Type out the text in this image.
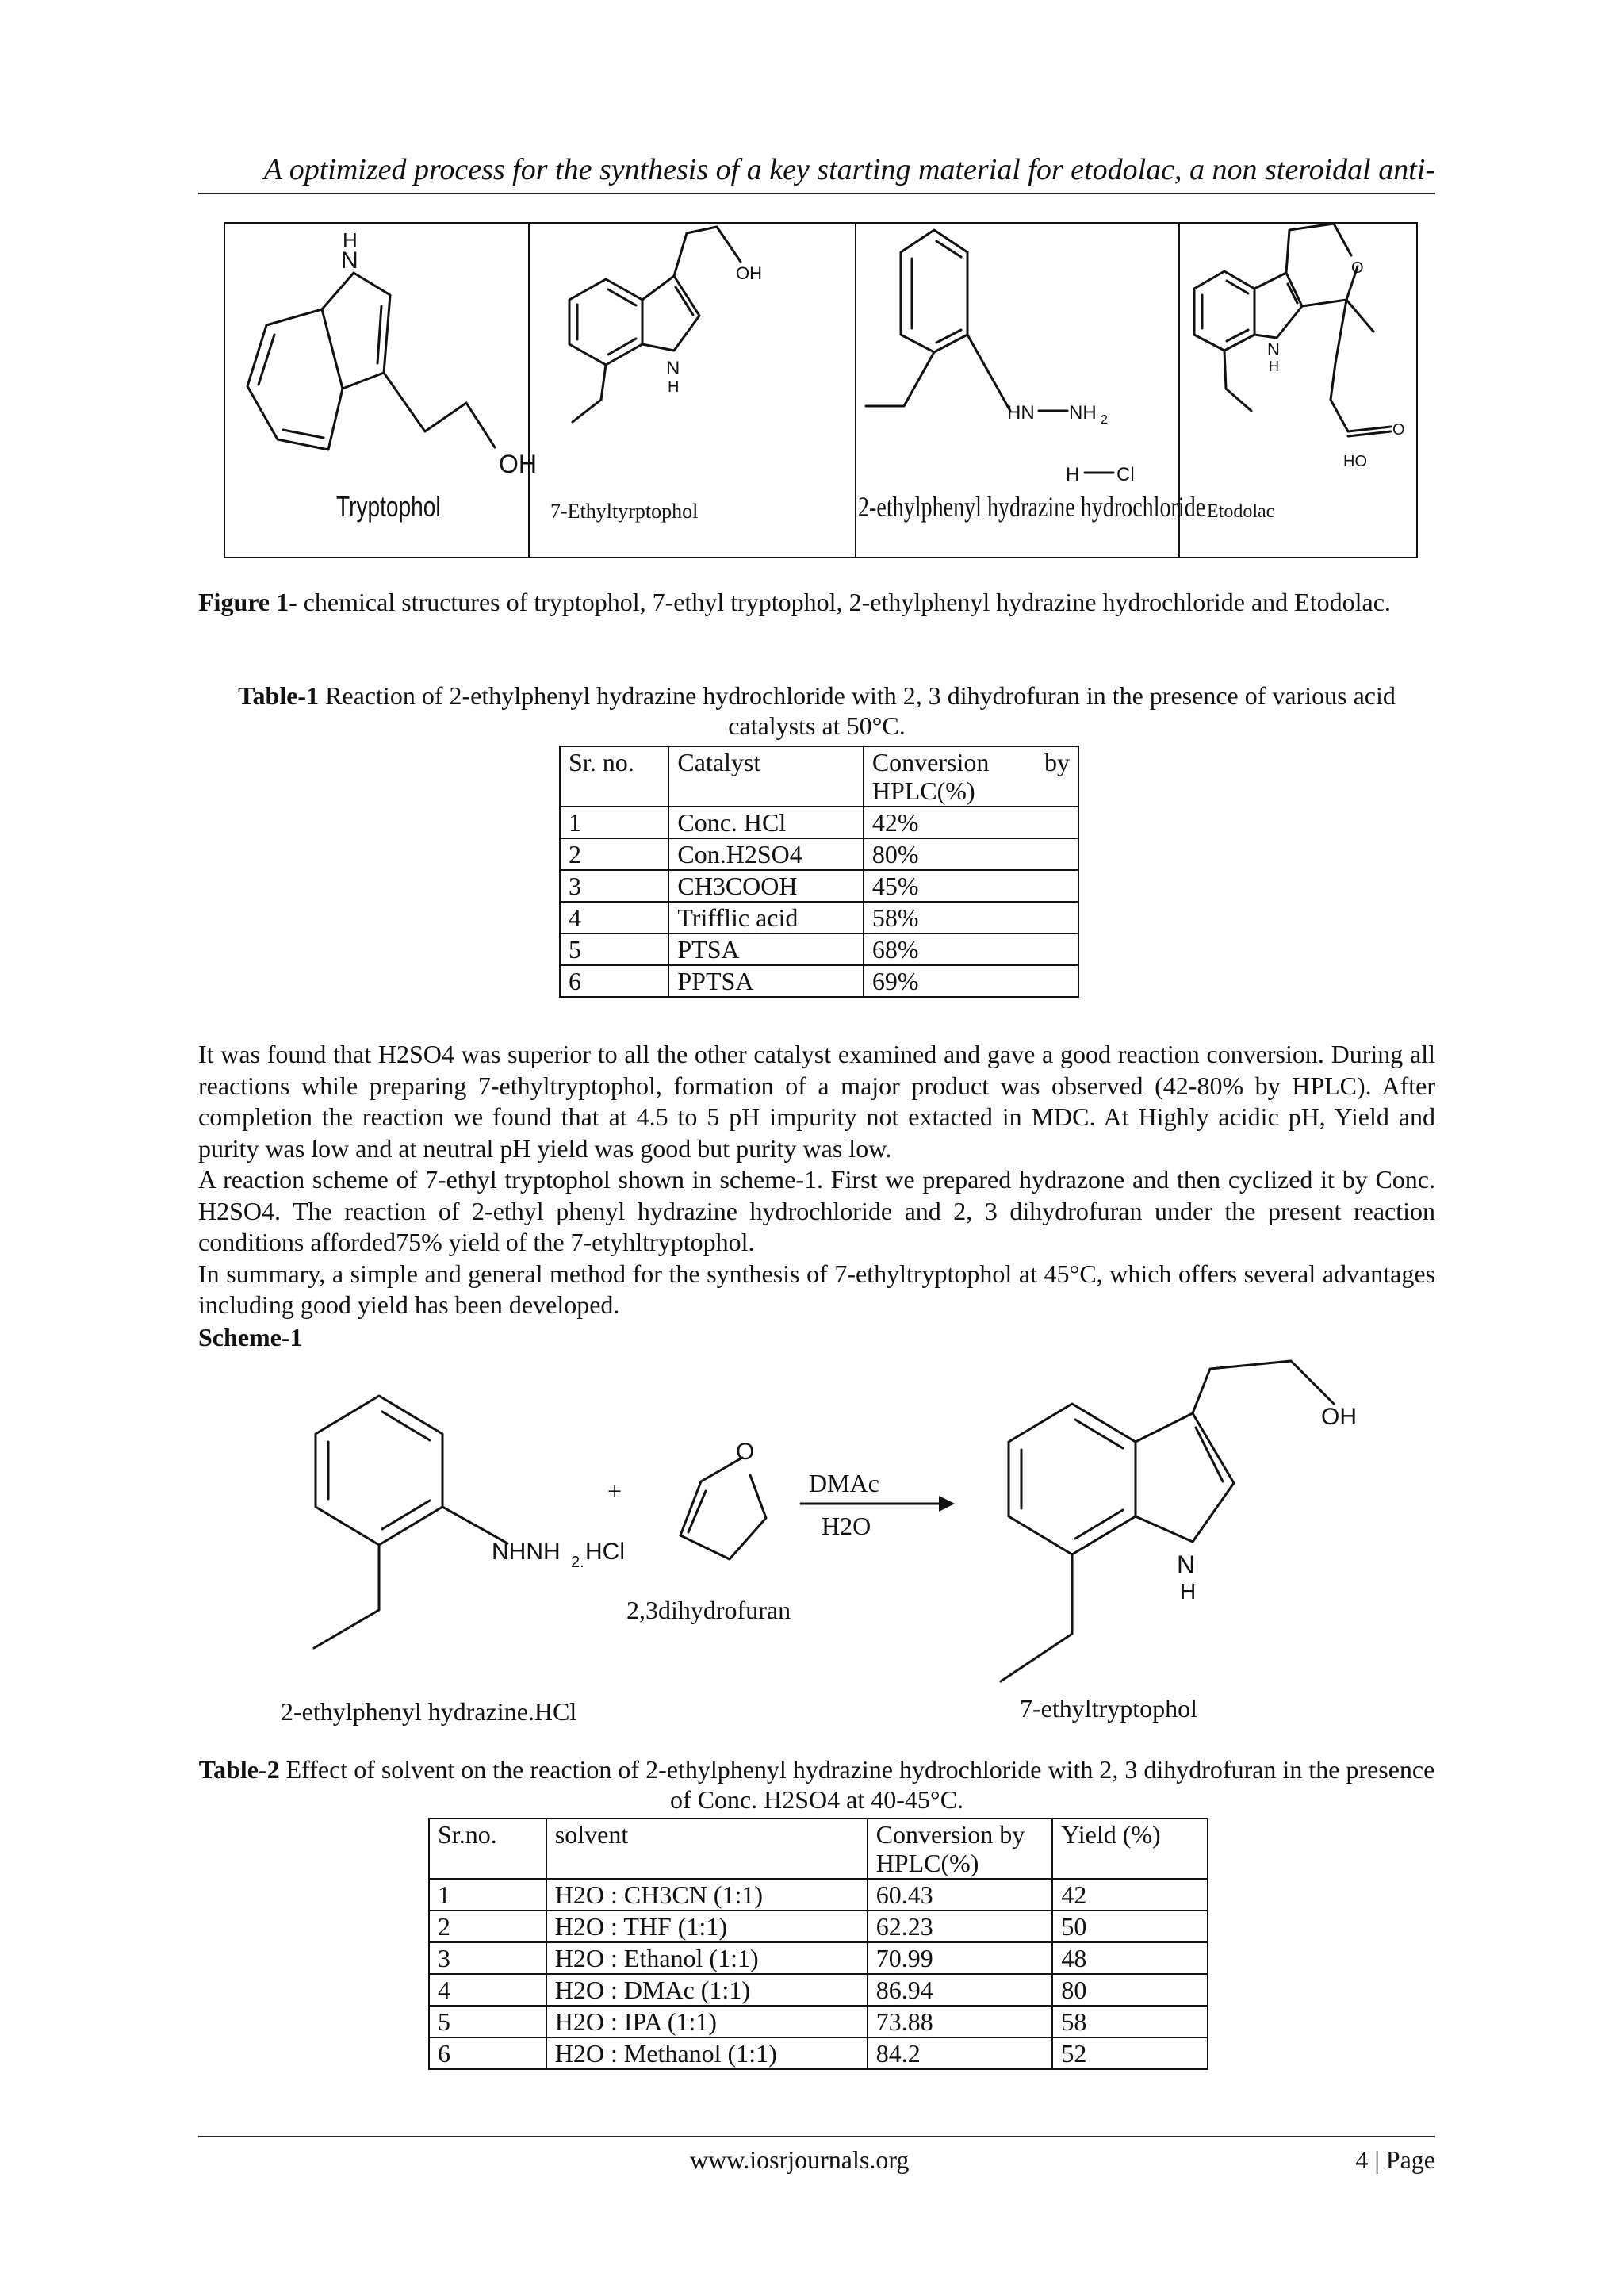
A optimized process for the synthesis of a key starting material for etodolac, a non steroidal anti-
H
N
OH
Tryptophol
N
H
OH
7-Ethyltyrptophol
HN NH 2
H Cl
2-ethylphenyl hydrazine hydrochloride
O
N
H
O
HO
Etodolac
Figure 1- chemical structures of tryptophol, 7-ethyl tryptophol, 2-ethylphenyl hydrazine hydrochloride and Etodolac.
Table-1 Reaction of 2-ethylphenyl hydrazine hydrochloride with 2, 3 dihydrofuran in the presence of various acid catalysts at 50°C.
Sr. no.	Catalyst	Conversion by HPLC(%)
1	Conc. HCl	42%
2	Con.H2SO4	80%
3	CH3COOH	45%
4	Trifflic acid	58%
5	PTSA	68%
6	PPTSA	69%

It was found that H2SO4 was superior to all the other catalyst examined and gave a good reaction conversion. During all reactions while preparing 7-ethyltryptophol, formation of a major product was observed (42-80% by HPLC). After completion the reaction we found that at 4.5 to 5 pH impurity not extacted in MDC. At Highly acidic pH, Yield and purity was low and at neutral pH yield was good but purity was low.

A reaction scheme of 7-ethyl tryptophol shown in scheme-1. First we prepared hydrazone and then cyclized it by Conc. H2SO4. The reaction of 2-ethyl phenyl hydrazine hydrochloride and 2, 3 dihydrofuran under the present reaction conditions afforded75% yield of the 7-etyhltryptophol.

In summary, a simple and general method for the synthesis of 7-ethyltryptophol at 45°C, which offers several advantages including good yield has been developed.

Scheme-1
NHNH 2. HCl
O
N
H
OH
+	DMAc
H2O
2,3dihydrofuran
2-ethylphenyl hydrazine.HCl	7-ethyltryptophol
Table-2 Effect of solvent on the reaction of 2-ethylphenyl hydrazine hydrochloride with 2, 3 dihydrofuran in the presence of Conc. H2SO4 at 40-45°C.
Sr.no.	solvent	Conversion by HPLC(%)	Yield (%)
1	H2O : CH3CN (1:1)	60.43	42
2	H2O : THF (1:1)	62.23	50
3	H2O : Ethanol (1:1)	70.99	48
4	H2O : DMAc (1:1)	86.94	80
5	H2O : IPA (1:1)	73.88	58
6	H2O : Methanol (1:1)	84.2	52
www.iosrjournals.org	4 | Page
